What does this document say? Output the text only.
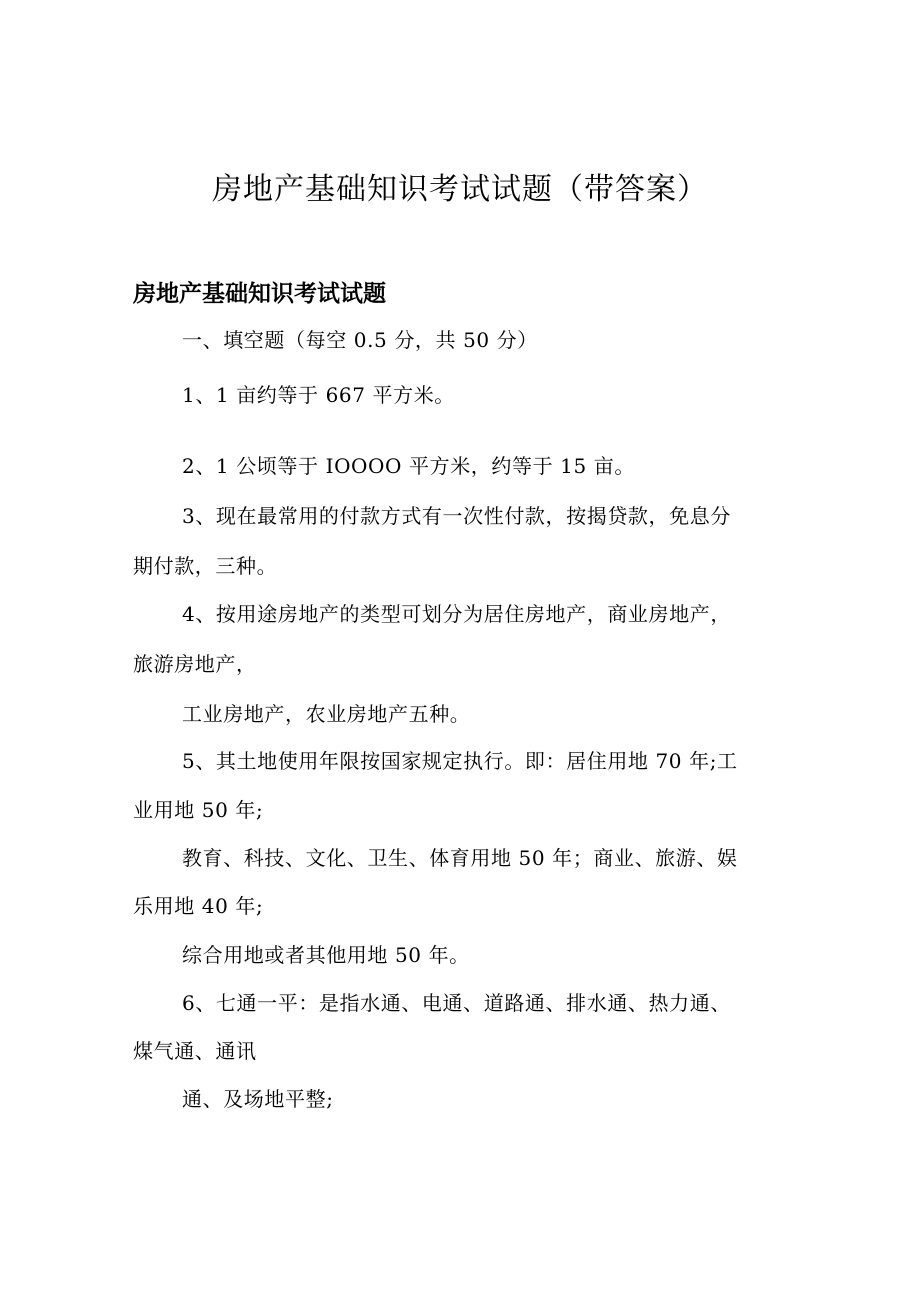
房地产基础知识考试试题（带答案）
房地产基础知识考试试题
一、填空题（每空 0.5 分，共 50 分）
1、1 亩约等于 667 平方米。
2、1 公顷等于 IOOOO 平方米，约等于 15 亩。
3、现在最常用的付款方式有一次性付款，按揭贷款，免息分
期付款，三种。
4、按用途房地产的类型可划分为居住房地产，商业房地产，
旅游房地产，
工业房地产，农业房地产五种。
5、其土地使用年限按国家规定执行。即：居住用地 70 年;工
业用地 50 年;
教育、科技、文化、卫生、体育用地 50 年；商业、旅游、娱
乐用地 40 年;
综合用地或者其他用地 50 年。
6、七通一平：是指水通、电通、道路通、排水通、热力通、
煤气通、通讯
通、及场地平整;
